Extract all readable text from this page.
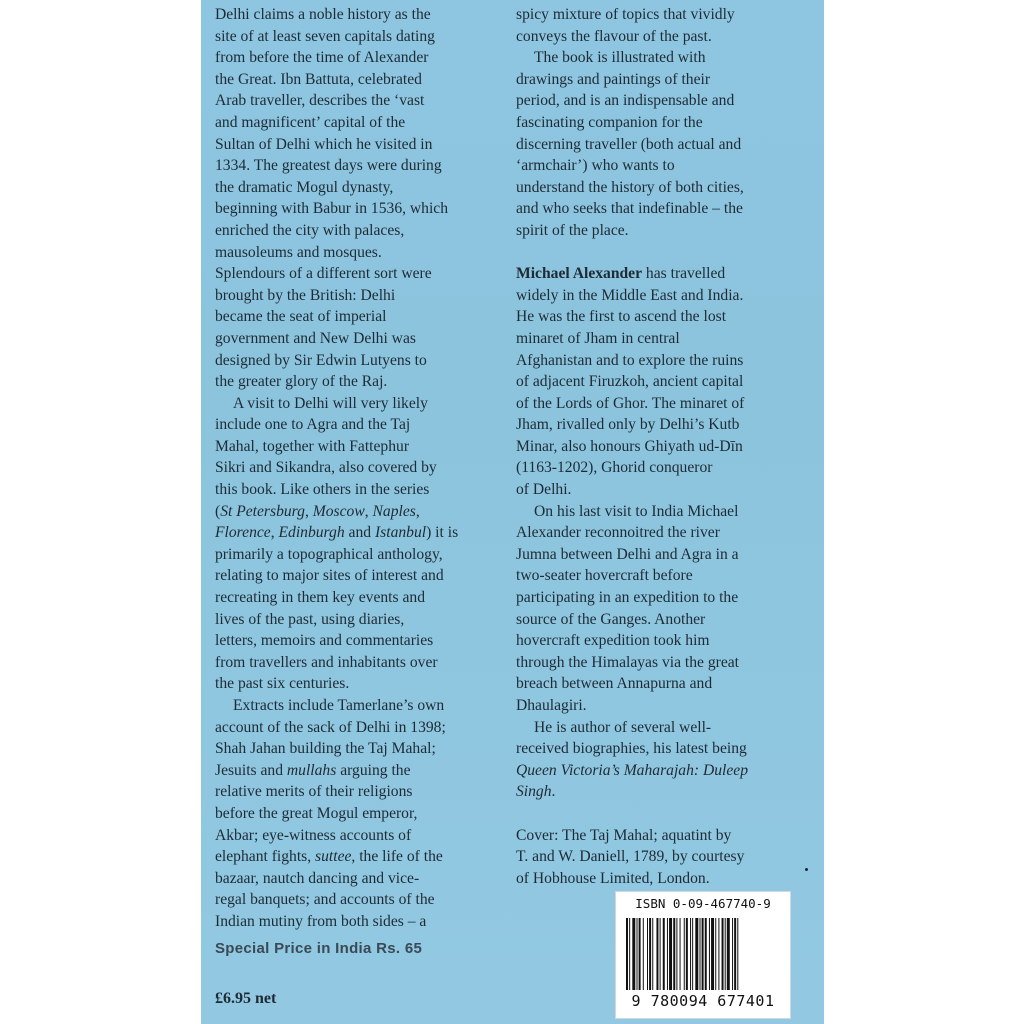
Delhi claims a noble history as the
site of at least seven capitals dating
from before the time of Alexander
the Great. Ibn Battuta, celebrated
Arab traveller, describes the ‘vast
and magnificent’ capital of the
Sultan of Delhi which he visited in
1334. The greatest days were during
the dramatic Mogul dynasty,
beginning with Babur in 1536, which
enriched the city with palaces,
mausoleums and mosques.
Splendours of a different sort were
brought by the British: Delhi
became the seat of imperial
government and New Delhi was
designed by Sir Edwin Lutyens to
the greater glory of the Raj.

A visit to Delhi will very likely
include one to Agra and the Taj
Mahal, together with Fattephur
Sikri and Sikandra, also covered by
this book. Like others in the series
(St Petersburg, Moscow, Naples,
Florence, Edinburgh and Istanbul) it is
primarily a topographical anthology,
relating to major sites of interest and
recreating in them key events and
lives of the past, using diaries,
letters, memoirs and commentaries
from travellers and inhabitants over
the past six centuries.

Extracts include Tamerlane’s own
account of the sack of Delhi in 1398;
Shah Jahan building the Taj Mahal;
Jesuits and mullahs arguing the
relative merits of their religions
before the great Mogul emperor,
Akbar; eye-witness accounts of
elephant fights, suttee, the life of the
bazaar, nautch dancing and vice-
regal banquets; and accounts of the
Indian mutiny from both sides – a

spicy mixture of topics that vividly
conveys the flavour of the past.

The book is illustrated with
drawings and paintings of their
period, and is an indispensable and
fascinating companion for the
discerning traveller (both actual and
‘armchair’) who wants to
understand the history of both cities,
and who seeks that indefinable – the
spirit of the place.

Michael Alexander has travelled
widely in the Middle East and India.
He was the first to ascend the lost
minaret of Jham in central
Afghanistan and to explore the ruins
of adjacent Firuzkoh, ancient capital
of the Lords of Ghor. The minaret of
Jham, rivalled only by Delhi’s Kutb
Minar, also honours Ghiyath ud-Dīn
(1163-1202), Ghorid conqueror
of Delhi.

On his last visit to India Michael
Alexander reconnoitred the river
Jumna between Delhi and Agra in a
two-seater hovercraft before
participating in an expedition to the
source of the Ganges. Another
hovercraft expedition took him
through the Himalayas via the great
breach between Annapurna and
Dhaulagiri.

He is author of several well-
received biographies, his latest being
Queen Victoria’s Maharajah: Duleep
Singh.

Cover: The Taj Mahal; aquatint by
T. and W. Daniell, 1789, by courtesy
of Hobhouse Limited, London.

Special Price in India Rs. 65
£6.95 net
ISBN 0-09-467740-9
9 780094 677401
